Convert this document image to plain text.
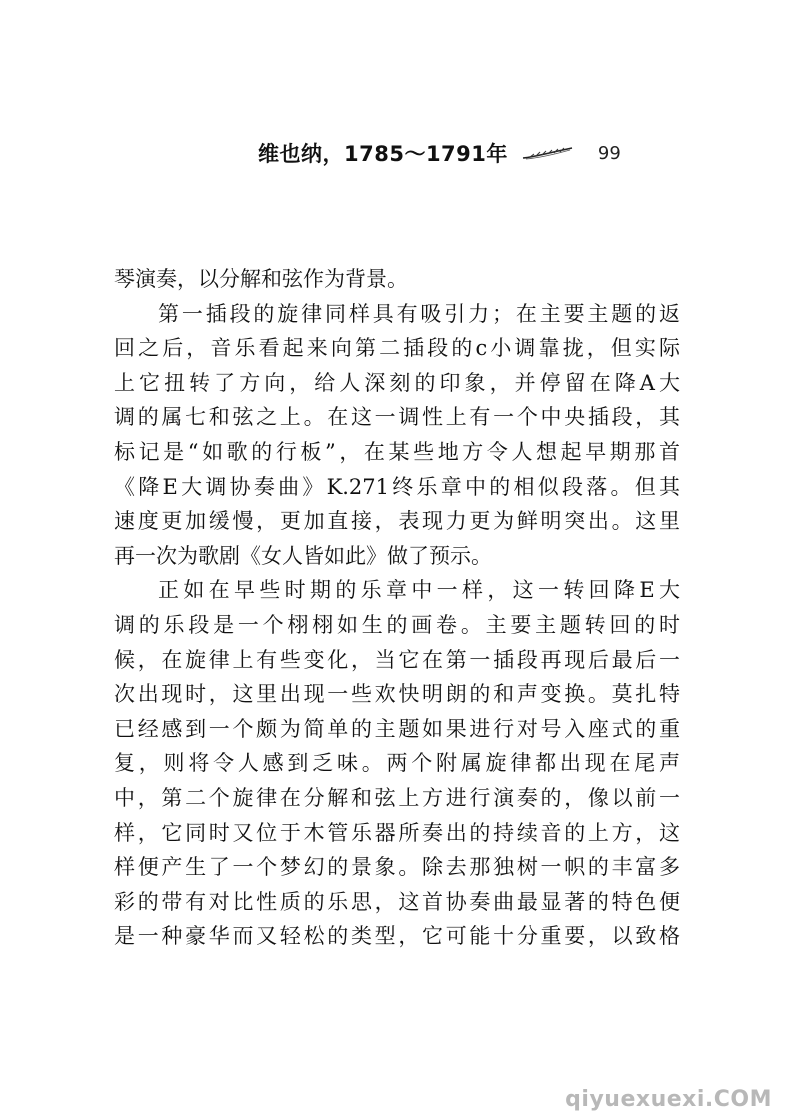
维也纳，1785～1791年	99
琴演奏，以分解和弦作为背景。
第一插段的旋律同样具有吸引力；在主要主题的返
回之后，音乐看起来向第二插段的c小调靠拢，但实际
上它扭转了方向，给人深刻的印象，并停留在降A大
调的属七和弦之上。在这一调性上有一个中央插段，其
标记是“如歌的行板”，在某些地方令人想起早期那首
《降E大调协奏曲》K.271终乐章中的相似段落。但其
速度更加缓慢，更加直接，表现力更为鲜明突出。这里
再一次为歌剧《女人皆如此》做了预示。
正如在早些时期的乐章中一样，这一转回降E大
调的乐段是一个栩栩如生的画卷。主要主题转回的时
候，在旋律上有些变化，当它在第一插段再现后最后一
次出现时，这里出现一些欢快明朗的和声变换。莫扎特
已经感到一个颇为简单的主题如果进行对号入座式的重
复，则将令人感到乏味。两个附属旋律都出现在尾声
中，第二个旋律在分解和弦上方进行演奏的，像以前一
样，它同时又位于木管乐器所奏出的持续音的上方，这
样便产生了一个梦幻的景象。除去那独树一帜的丰富多
彩的带有对比性质的乐思，这首协奏曲最显著的特色便
是一种豪华而又轻松的类型，它可能十分重要，以致格
qiyuexuexi.COM
